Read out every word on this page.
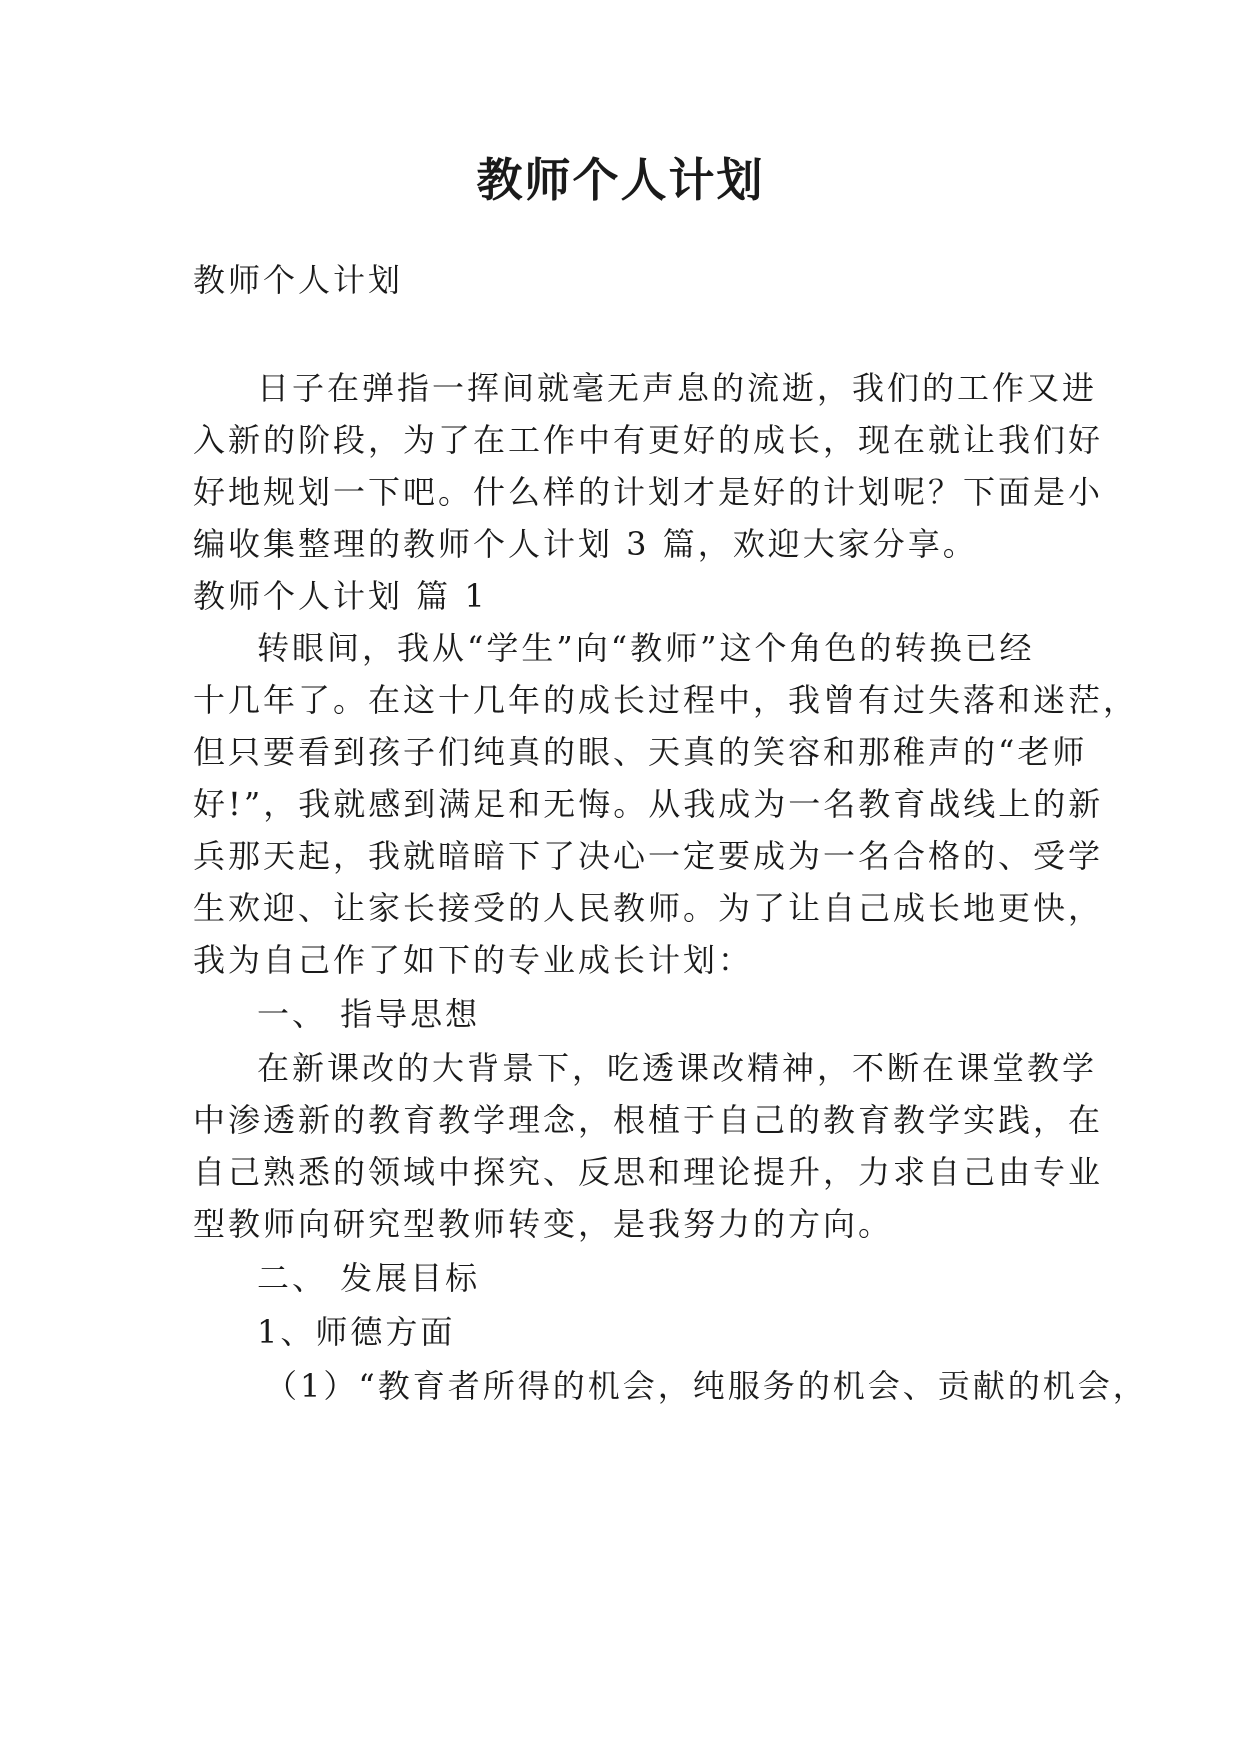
教师个人计划
教师个人计划
日子在弹指一挥间就毫无声息的流逝，我们的工作又进
入新的阶段，为了在工作中有更好的成长，现在就让我们好
好地规划一下吧。什么样的计划才是好的计划呢？下面是小
编收集整理的教师个人计划 3 篇，欢迎大家分享。
教师个人计划 篇 1
转眼间，我从“学生”向“教师”这个角色的转换已经
十几年了。在这十几年的成长过程中，我曾有过失落和迷茫，
但只要看到孩子们纯真的眼、天真的笑容和那稚声的“老师
好!”，我就感到满足和无悔。从我成为一名教育战线上的新
兵那天起，我就暗暗下了决心一定要成为一名合格的、受学
生欢迎、让家长接受的人民教师。为了让自己成长地更快，
我为自己作了如下的专业成长计划：
一、 指导思想
在新课改的大背景下，吃透课改精神，不断在课堂教学
中渗透新的教育教学理念，根植于自己的教育教学实践，在
自己熟悉的领域中探究、反思和理论提升，力求自己由专业
型教师向研究型教师转变，是我努力的方向。
二、 发展目标
1、师德方面
（1）“教育者所得的机会，纯服务的机会、贡献的机会，
